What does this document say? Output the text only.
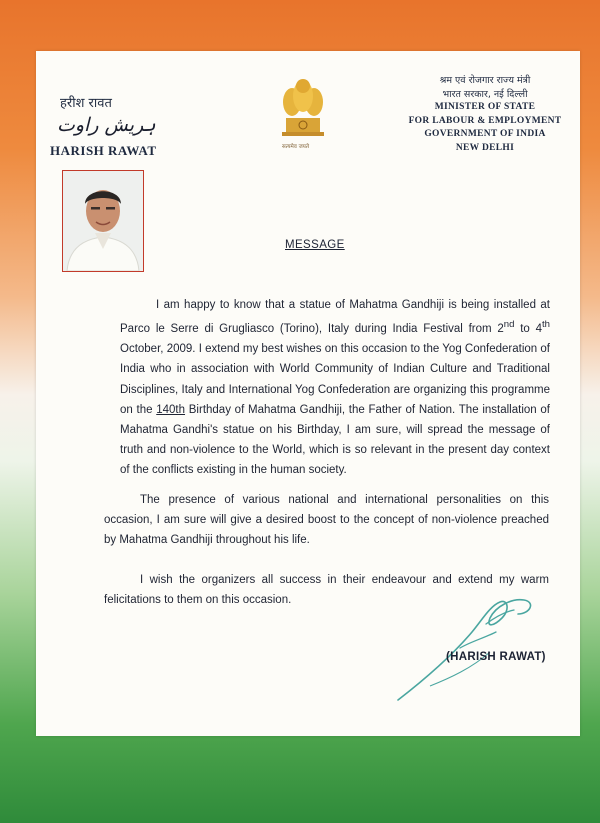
हरीश रावत
ہریش راوت
HARISH RAWAT	सत्यमेव जयते
श्रम एवं रोजगार राज्य मंत्री
भारत सरकार, नई दिल्ली
MINISTER OF STATE
FOR LABOUR & EMPLOYMENT
GOVERNMENT OF INDIA
NEW DELHI
MESSAGE
I am happy to know that a statue of Mahatma Gandhiji is being installed at Parco le Serre di Grugliasco (Torino), Italy during India Festival from 2nd to 4th October, 2009. I extend my best wishes on this occasion to the Yog Confederation of India who in association with World Community of Indian Culture and Traditional Disciplines, Italy and International Yog Confederation are organizing this programme on the 140th Birthday of Mahatma Gandhiji, the Father of Nation. The installation of Mahatma Gandhi's statue on his Birthday, I am sure, will spread the message of truth and non-violence to the World, which is so relevant in the present day context of the conflicts existing in the human society.
The presence of various national and international personalities on this occasion, I am sure will give a desired boost to the concept of non-violence preached by Mahatma Gandhiji throughout his life.
I wish the organizers all success in their endeavour and extend my warm felicitations to them on this occasion.
(HARISH RAWAT)
